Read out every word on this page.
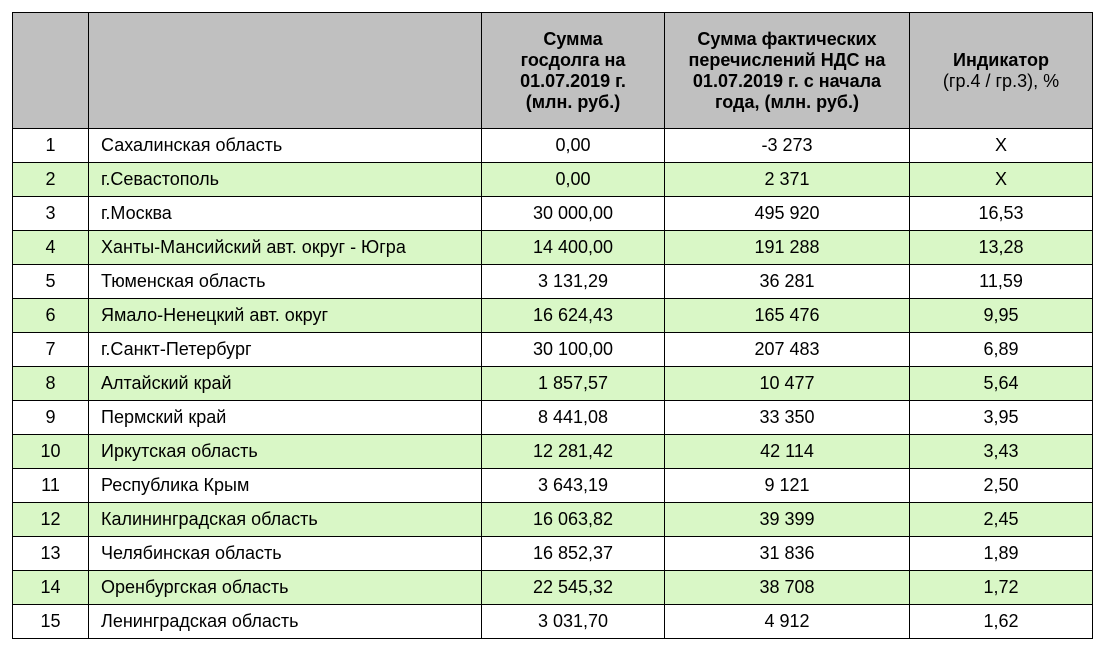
		Сумма госдолга на 01.07.2019 г. (млн. руб.)	Сумма фактических перечислений НДС на 01.07.2019 г. с начала года, (млн. руб.)	Индикатор
(гр.4 / гр.3), %
1	Сахалинская область	0,00	-3 273	X
2	г.Севастополь	0,00	2 371	X
3	г.Москва	30 000,00	495 920	16,53
4	Ханты-Мансийский авт. округ - Югра	14 400,00	191 288	13,28
5	Тюменская область	3 131,29	36 281	11,59
6	Ямало-Ненецкий авт. округ	16 624,43	165 476	9,95
7	г.Санкт-Петербург	30 100,00	207 483	6,89
8	Алтайский край	1 857,57	10 477	5,64
9	Пермский край	8 441,08	33 350	3,95
10	Иркутская область	12 281,42	42 114	3,43
11	Республика Крым	3 643,19	9 121	2,50
12	Калининградская область	16 063,82	39 399	2,45
13	Челябинская область	16 852,37	31 836	1,89
14	Оренбургская область	22 545,32	38 708	1,72
15	Ленинградская область	3 031,70	4 912	1,62
